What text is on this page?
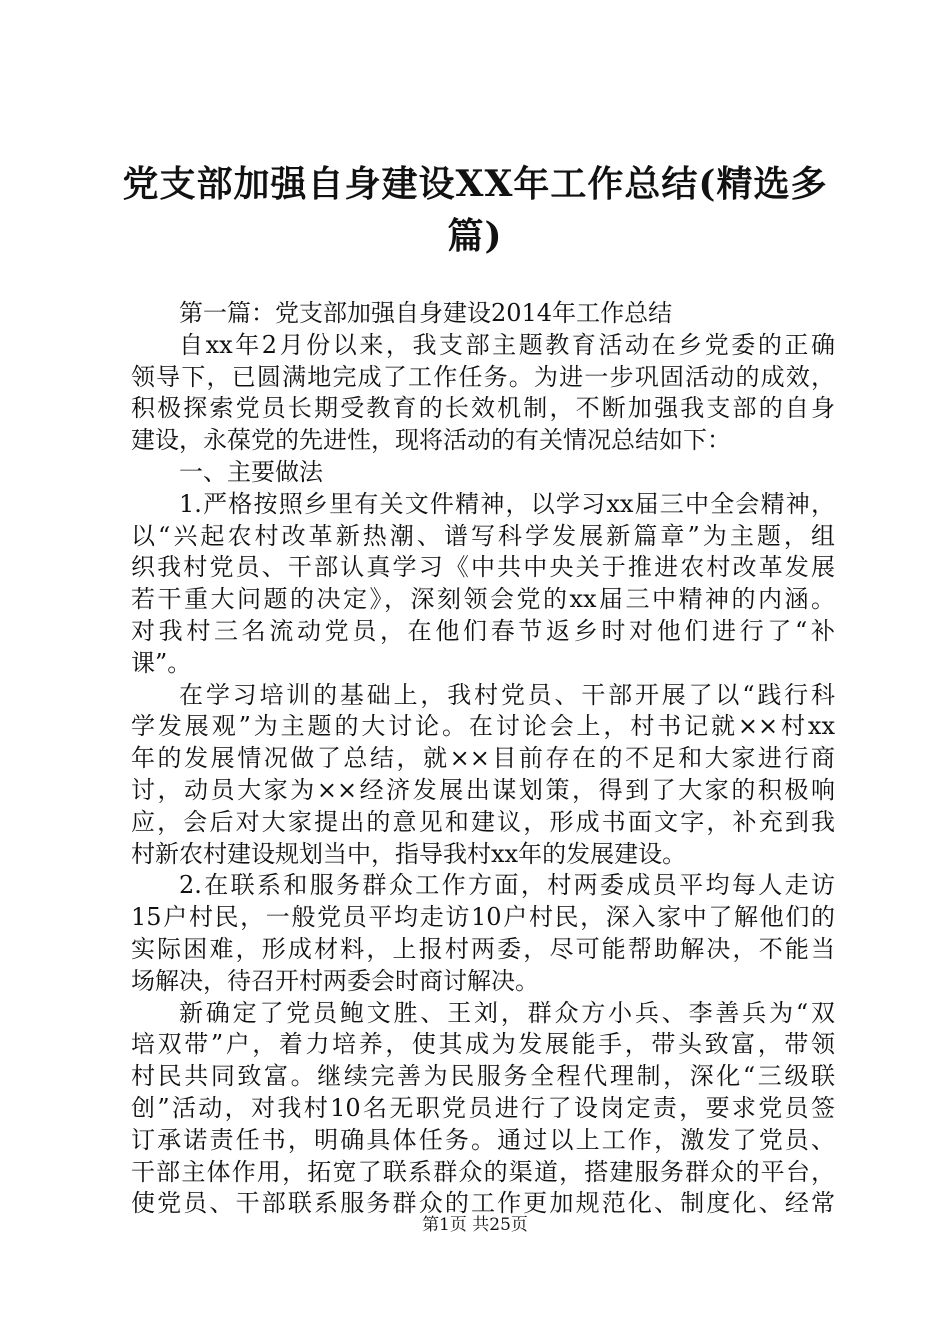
党支部加强自身建设XX年工作总结(精选多
篇)
第一篇：党支部加强自身建设2014年工作总结
自xx年2月份以来，我支部主题教育活动在乡党委的正确
领导下，已圆满地完成了工作任务。为进一步巩固活动的成效，
积极探索党员长期受教育的长效机制，不断加强我支部的自身
建设，永葆党的先进性，现将活动的有关情况总结如下：
一、主要做法
1.严格按照乡里有关文件精神，以学习xx届三中全会精神，
以“兴起农村改革新热潮、谱写科学发展新篇章”为主题，组
织我村党员、干部认真学习《中共中央关于推进农村改革发展
若干重大问题的决定》，深刻领会党的xx届三中精神的内涵。
对我村三名流动党员，在他们春节返乡时对他们进行了“补
课”。
在学习培训的基础上，我村党员、干部开展了以“践行科
学发展观”为主题的大讨论。在讨论会上，村书记就××村xx
年的发展情况做了总结，就××目前存在的不足和大家进行商
讨，动员大家为××经济发展出谋划策，得到了大家的积极响
应，会后对大家提出的意见和建议，形成书面文字，补充到我
村新农村建设规划当中，指导我村xx年的发展建设。
2.在联系和服务群众工作方面，村两委成员平均每人走访
15户村民，一般党员平均走访10户村民，深入家中了解他们的
实际困难，形成材料，上报村两委，尽可能帮助解决，不能当
场解决，待召开村两委会时商讨解决。
新确定了党员鲍文胜、王刘，群众方小兵、李善兵为“双
培双带”户，着力培养，使其成为发展能手，带头致富，带领
村民共同致富。继续完善为民服务全程代理制，深化“三级联
创”活动，对我村10名无职党员进行了设岗定责，要求党员签
订承诺责任书，明确具体任务。通过以上工作，激发了党员、
干部主体作用，拓宽了联系群众的渠道，搭建服务群众的平台，
使党员、干部联系服务群众的工作更加规范化、制度化、经常
第1页 共25页
